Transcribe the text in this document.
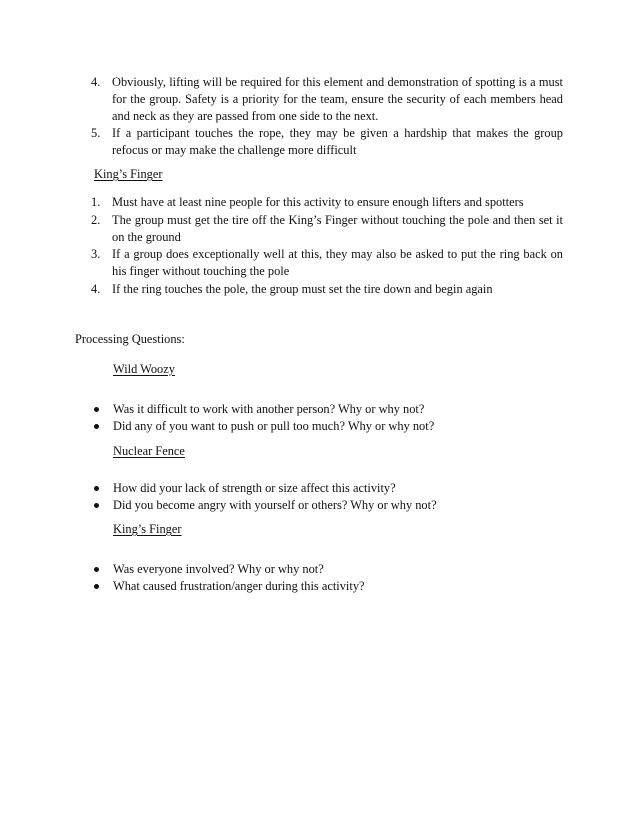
4. Obviously, lifting will be required for this element and demonstration of spotting is a must for the group. Safety is a priority for the team, ensure the security of each members head and neck as they are passed from one side to the next.
5. If a participant touches the rope, they may be given a hardship that makes the group refocus or may make the challenge more difficult
King’s Finger
1. Must have at least nine people for this activity to ensure enough lifters and spotters
2. The group must get the tire off the King’s Finger without touching the pole and then set it on the ground
3. If a group does exceptionally well at this, they may also be asked to put the ring back on his finger without touching the pole
4. If the ring touches the pole, the group must set the tire down and begin again
Processing Questions:
Wild Woozy
Was it difficult to work with another person? Why or why not?
Did any of you want to push or pull too much? Why or why not?
Nuclear Fence
How did your lack of strength or size affect this activity?
Did you become angry with yourself or others? Why or why not?
King’s Finger
Was everyone involved? Why or why not?
What caused frustration/anger during this activity?
